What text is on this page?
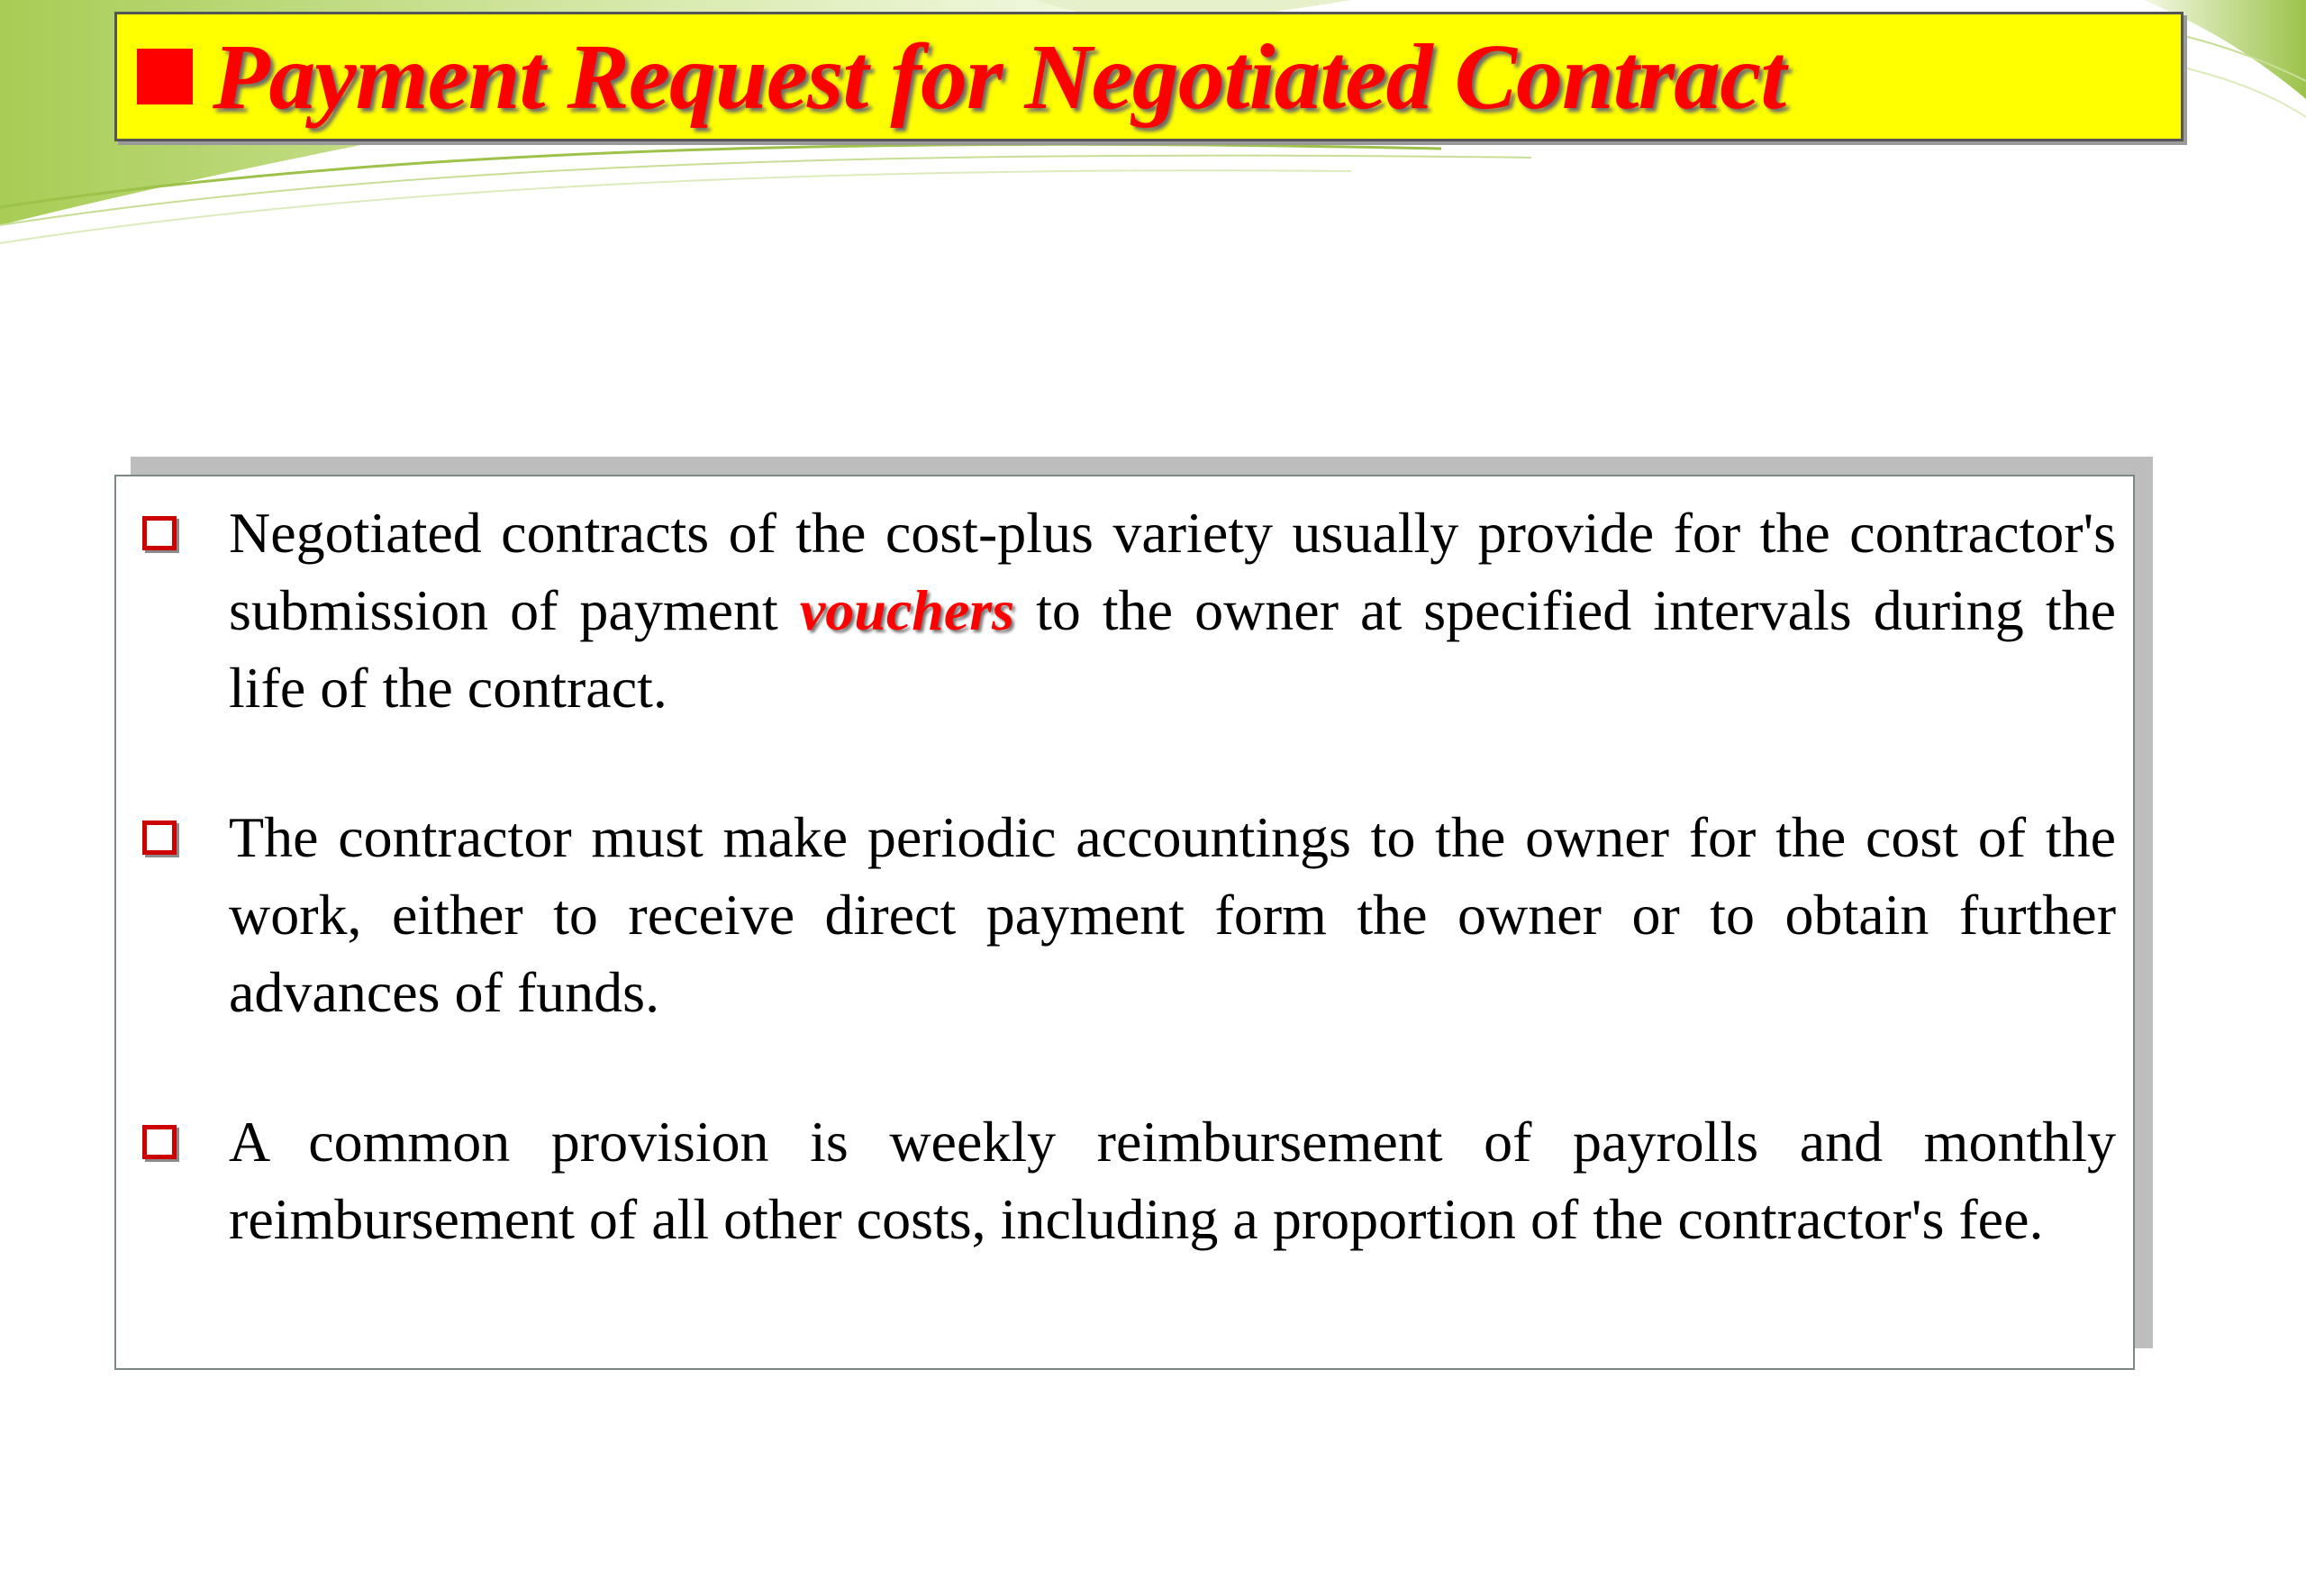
Payment Request for Negotiated Contract
Negotiated contracts of the cost-plus variety usually provide for the contractor's submission of payment vouchers to the owner at specified intervals during the life of the contract.
The contractor must make periodic accountings to the owner for the cost of the work, either to receive direct payment form the owner or to obtain further advances of funds.
A common provision is weekly reimbursement of payrolls and monthly reimbursement of all other costs, including a proportion of the contractor's fee.
